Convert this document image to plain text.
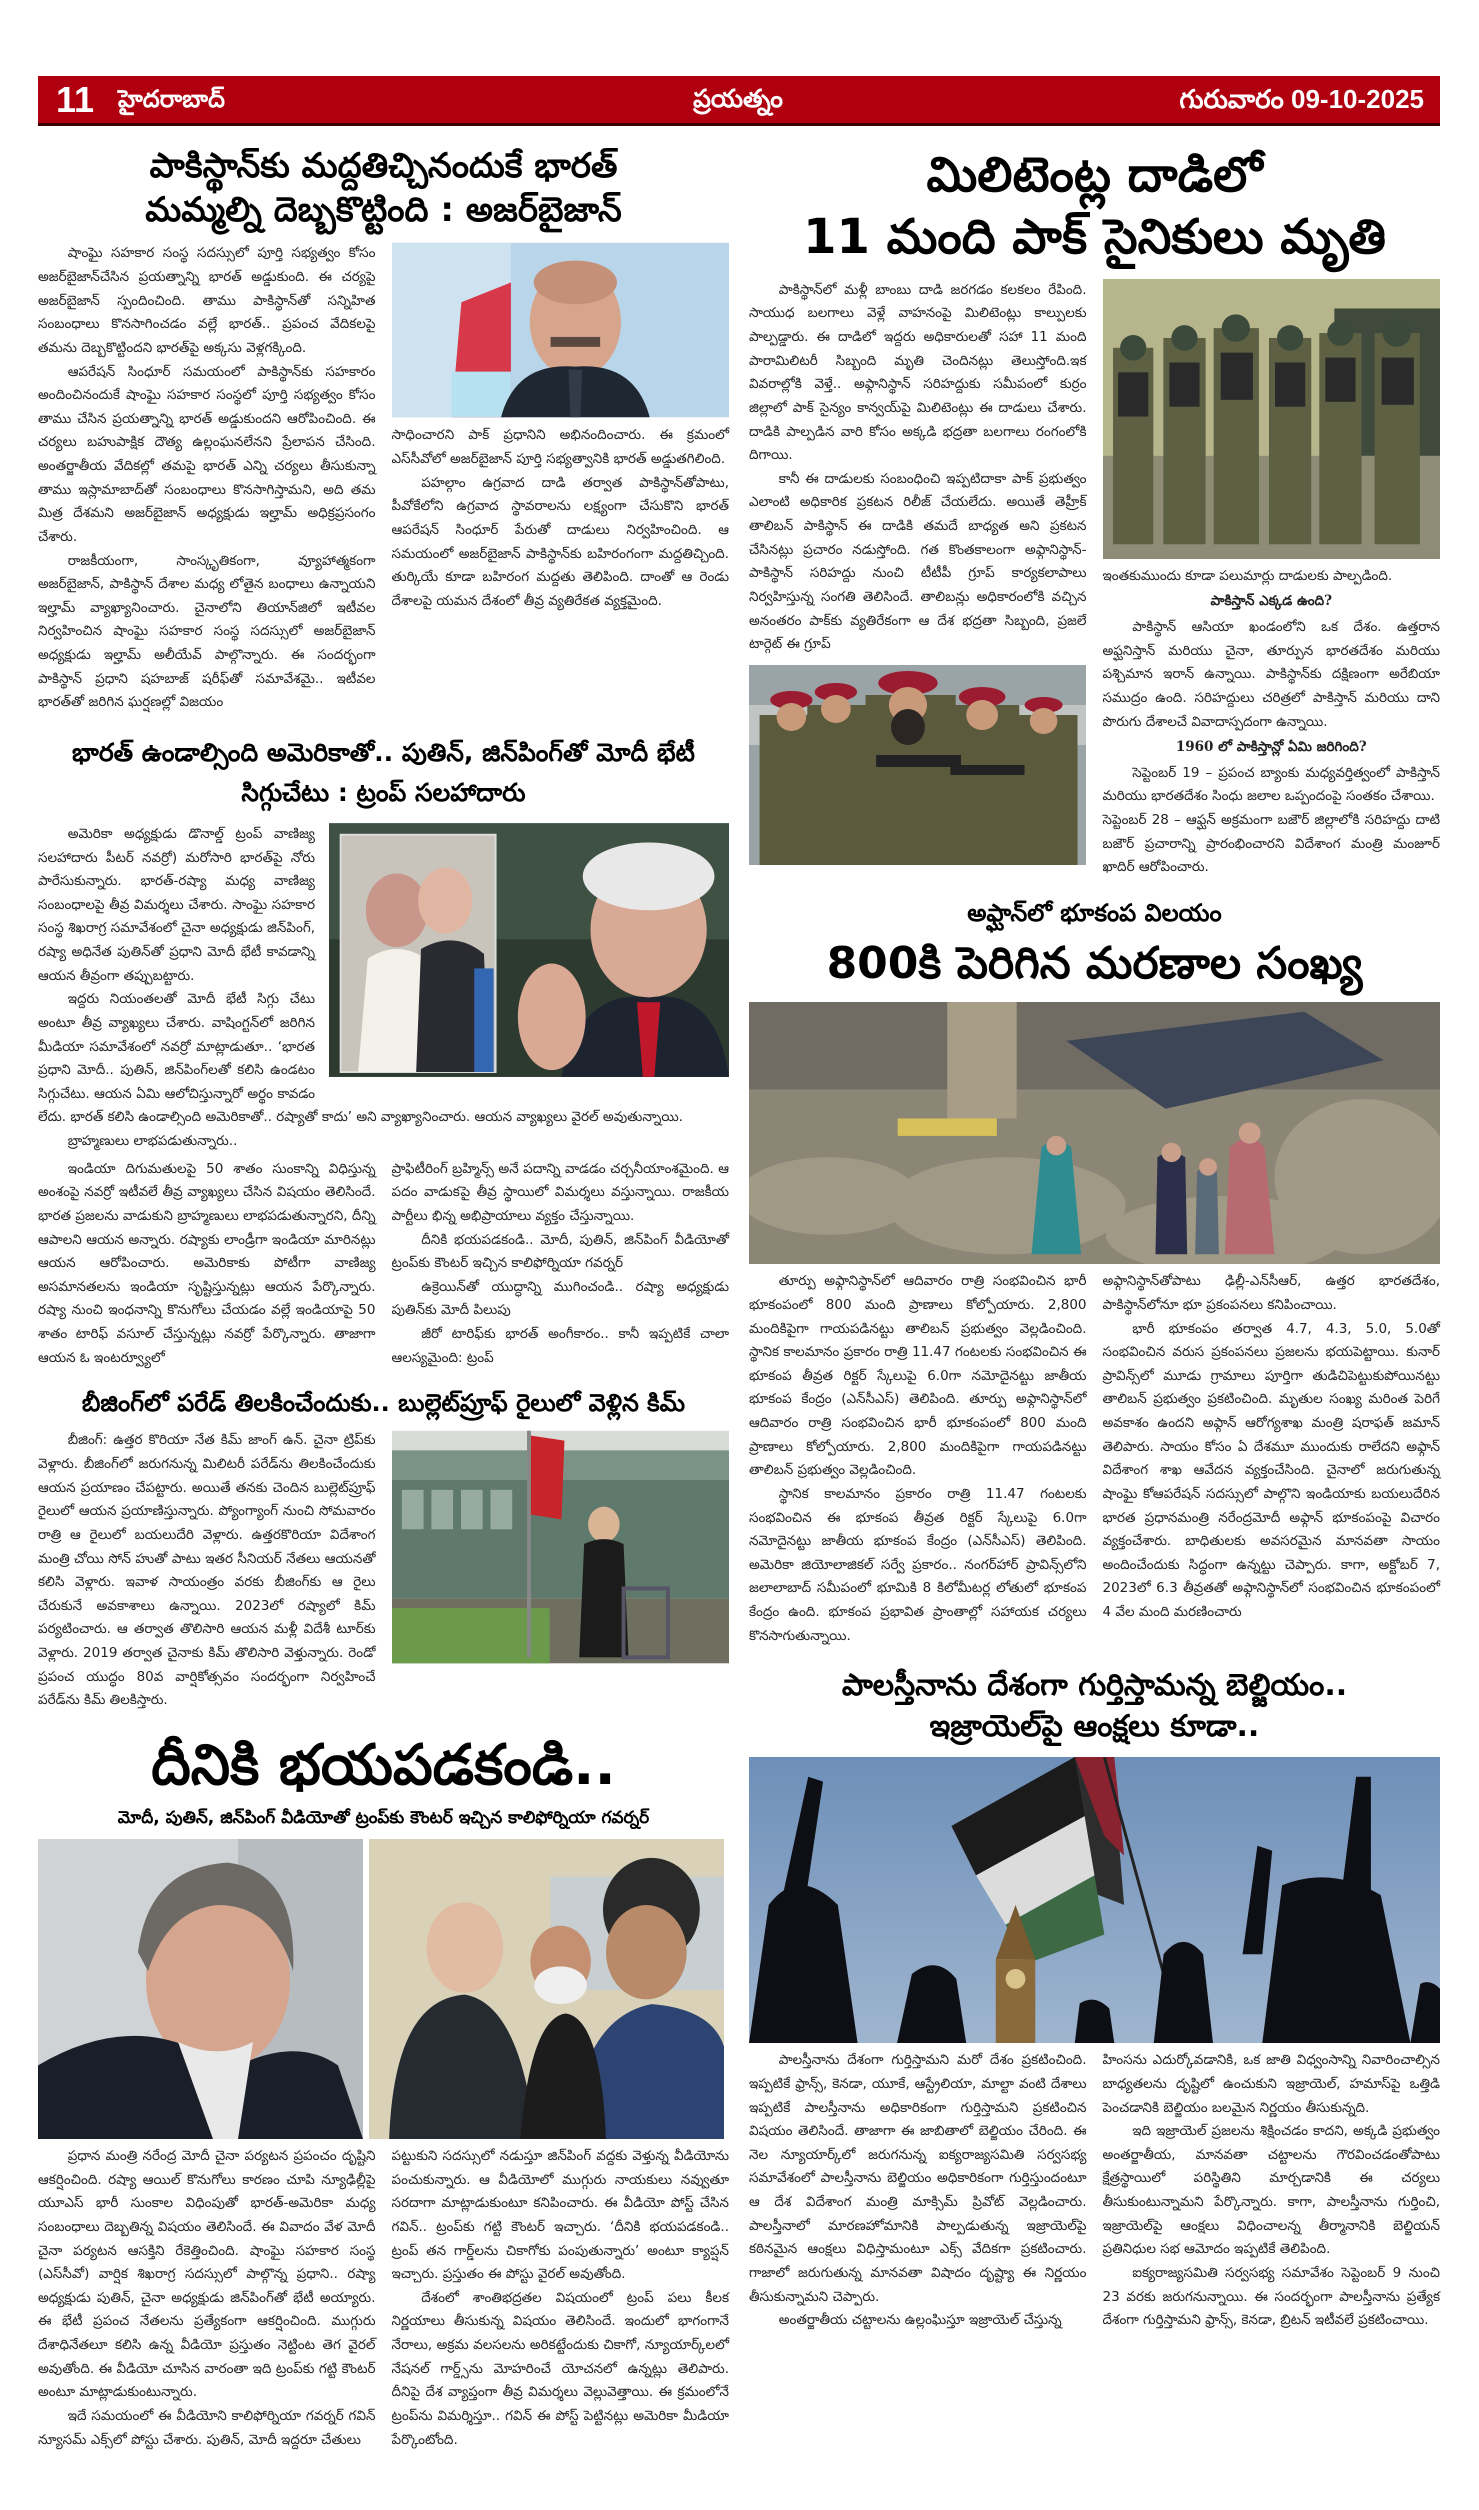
11 హైదరాబాద్	ప్రయత్నం	గురువారం 09-10-2025
పాకిస్థాన్‌కు మద్దతిచ్చినందుకే భారత్
మమ్మల్ని దెబ్బకొట్టింది : అజర్‌బైజాన్

షాంఘై సహకార సంస్థ సదస్సులో పూర్తి సభ్యత్వం కోసం అజర్‌బైజాన్‌చేసిన ప్రయత్నాన్ని భారత్ అడ్డుకుంది. ఈ చర్యపై అజర్‌బైజాన్ స్పందించింది. తాము పాకిస్థాన్‌తో సన్నిహిత సంబంధాలు కొనసాగించడం వల్లే భారత్.. ప్రపంచ వేదికలపై తమను దెబ్బకొట్టిందని భారత్‌పై అక్కసు వెళ్లగక్కింది.

ఆపరేషన్ సింధూర్ సమయంలో పాకిస్థాన్‌కు సహకారం అందించినందుకే షాంఘై సహకార సంస్థలో పూర్తి సభ్యత్వం కోసం తాము చేసిన ప్రయత్నాన్ని భారత్ అడ్డుకుందని ఆరోపించింది. ఈ చర్యలు బహుపాక్షిక దౌత్య ఉల్లంఘనలేనని ప్రేలాపన చేసింది. అంతర్జాతీయ వేదికల్లో తమపై భారత్ ఎన్ని చర్యలు తీసుకున్నా తాము ఇస్లామాబాద్‌తో సంబంధాలు కొనసాగిస్తామని, అది తమ మిత్ర దేశమని అజర్‌బైజాన్ అధ్యక్షుడు ఇల్హామ్ అధిక్రప్రసంగం చేశారు.

రాజకీయంగా, సాంస్కృతికంగా, వ్యూహాత్మకంగా అజర్‌బైజాన్, పాకిస్థాన్ దేశాల మధ్య లోతైన బంధాలు ఉన్నాయని ఇల్హామ్ వ్యాఖ్యానించారు. చైనాలోని తియాన్‌జిలో ఇటీవల నిర్వహించిన షాంఘై సహకార సంస్థ సదస్సులో అజర్‌బైజాన్ అధ్యక్షుడు ఇల్హామ్ అలీయేవ్ పాల్గొన్నారు. ఈ సందర్భంగా పాకిస్థాన్ ప్రధాని షహబాజ్ షరీఫ్‌తో సమావేశమై.. ఇటీవల భారత్‌తో జరిగిన ఘర్షణల్లో విజయం

సాధించారని పాక్ ప్రధానిని అభినందించారు. ఈ క్రమంలో ఎస్‌సీవోలో అజర్‌బైజాన్ పూర్తి సభ్యత్వానికి భారత్ అడ్డుతగిలింది.

పహల్గాం ఉగ్రవాద దాడి తర్వాత పాకిస్థాన్‌తోపాటు, పీవోకేలోని ఉగ్రవాద స్థావరాలను లక్ష్యంగా చేసుకొని భారత్ ఆపరేషన్ సింధూర్ పేరుతో దాడులు నిర్వహించింది. ఆ సమయంలో అజర్‌బైజాన్ పాకిస్థాన్‌కు బహిరంగంగా మద్దతిచ్చింది. తుర్కియే కూడా బహిరంగ మద్దతు తెలిపింది. దాంతో ఆ రెండు దేశాలపై యమన దేశంలో తీవ్ర వ్యతిరేకత వ్యక్తమైంది.

భారత్ ఉండాల్సింది అమెరికాతో.. పుతిన్, జిన్‌పింగ్‌తో మోదీ భేటీ
సిగ్గుచేటు : ట్రంప్ సలహాదారు

అమెరికా అధ్యక్షుడు డొనాల్డ్ ట్రంప్ వాణిజ్య సలహాదారు పీటర్ నవర్రో) మరోసారి భారత్‌పై నోరు పారేసుకున్నారు. భారత్-రష్యా మధ్య వాణిజ్య సంబంధాలపై తీవ్ర విమర్శలు చేశారు. సాంఘై సహకార సంస్థ శిఖరాగ్ర సమావేశంలో చైనా అధ్యక్షుడు జిన్‌పింగ్, రష్యా అధినేత పుతిన్‌తో ప్రధాని మోదీ భేటీ కావడాన్ని ఆయన తీవ్రంగా తప్పుబట్టారు.

ఇద్దరు నియంతలతో మోదీ భేటీ సిగ్గు చేటు అంటూ తీవ్ర వ్యాఖ్యలు చేశారు. వాషింగ్టన్‌లో జరిగిన మీడియా సమావేశంలో నవర్రో మాట్లాడుతూ.. ‘భారత ప్రధాని మోదీ.. పుతిన్, జిన్‌పింగ్‌లతో కలిసి ఉండటం సిగ్గుచేటు. ఆయన ఏమి ఆలోచిస్తున్నారో అర్థం కావడం లేదు. భారత్ కలిసి ఉండాల్సింది అమెరికాతో.. రష్యాతో కాదు’ అని వ్యాఖ్యానించారు. ఆయన వ్యాఖ్యలు వైరల్ అవుతున్నాయి.

బ్రాహ్మణులు లాభపడుతున్నారు..

ఇండియా దిగుమతులపై 50 శాతం సుంకాన్ని విధిస్తున్న అంశంపై నవర్రో ఇటీవలే తీవ్ర వ్యాఖ్యలు చేసిన విషయం తెలిసిందే. భారత ప్రజలను వాడుకుని బ్రాహ్మణులు లాభపడుతున్నారని, దీన్ని ఆపాలని ఆయన అన్నారు. రష్యాకు లాండ్రీగా ఇండియా మారినట్లు ఆయన ఆరోపించారు. అమెరికాకు పోటీగా వాణిజ్య అసమానతలను ఇండియా సృష్టిస్తున్నట్లు ఆయన పేర్కొన్నారు. రష్యా నుంచి ఇంధనాన్ని కొనుగోలు చేయడం వల్లే ఇండియాపై 50 శాతం టారిఫ్ వసూల్ చేస్తున్నట్లు నవర్రో పేర్కొన్నారు. తాజాగా ఆయన ఓ ఇంటర్వ్యూలో

ప్రాఫిటీరింగ్ బ్రహ్మిన్స్ అనే పదాన్ని వాడడం చర్చనీయాంశమైంది. ఆ పదం వాడుకపై తీవ్ర స్థాయిలో విమర్శలు వస్తున్నాయి. రాజకీయ పార్టీలు భిన్న అభిప్రాయాలు వ్యక్తం చేస్తున్నాయి.

దీనికి భయపడకండి.. మోదీ, పుతిన్, జిన్‌పింగ్ వీడియోతో ట్రంప్‌కు కౌంటర్ ఇచ్చిన కాలిఫోర్నియా గవర్నర్

ఉక్రెయిన్‌తో యుద్ధాన్ని ముగించండి.. రష్యా అధ్యక్షుడు పుతిన్‌కు మోదీ పిలుపు

జీరో టారిఫ్‌కు భారత్ అంగీకారం.. కానీ ఇప్పటికే చాలా ఆలస్యమైంది: ట్రంప్

బీజింగ్‌లో పరేడ్ తిలకించేందుకు.. బుల్లెట్‌ప్రూఫ్ రైలులో వెళ్లిన కిమ్

బీజింగ్: ఉత్తర కొరియా నేత కిమ్ జాంగ్ ఉన్. చైనా ట్రిప్‌కు వెళ్లారు. బీజింగ్‌లో జరుగనున్న మిలిటరీ పరేడ్‌ను తిలకించేందుకు ఆయన ప్రయాణం చేపట్టారు. అయితే తనకు చెందిన బుల్లెట్‌ప్రూఫ్ రైలులో ఆయన ప్రయాణిస్తున్నారు. ప్యోంగ్యాంగ్ నుంచి సోమవారం రాత్రి ఆ రైలులో బయలుదేరి వెళ్లారు. ఉత్తరకొరియా విదేశాంగ మంత్రి చోయి సోన్ హుతో పాటు ఇతర సీనియర్ నేతలు ఆయనతో కలిసి వెళ్లారు. ఇవాళ సాయంత్రం వరకు బీజింగ్‌కు ఆ రైలు చేరుకునే అవకాశాలు ఉన్నాయి. 2023లో రష్యాలో కిమ్ పర్యటించారు. ఆ తర్వాత తొలిసారి ఆయన మళ్లీ విదేశీ టూర్‌కు వెళ్లారు. 2019 తర్వాత చైనాకు కిమ్ తొలిసారి వెళ్తున్నారు. రెండో ప్రపంచ యుద్ధం 80వ వార్షికోత్సవం సందర్భంగా నిర్వహించే పరేడ్‌ను కిమ్ తిలకిస్తారు.

దీనికి భయపడకండి..
మోదీ, పుతిన్, జిన్‌పింగ్ వీడియోతో ట్రంప్‌కు కౌంటర్ ఇచ్చిన కాలిఫోర్నియా గవర్నర్

ప్రధాన మంత్రి నరేంద్ర మోదీ చైనా పర్యటన ప్రపంచం దృష్టిని ఆకర్షించింది. రష్యా ఆయిల్ కొనుగోలు కారణం చూపి న్యూఢిల్లీపై యూఎస్ భారీ సుంకాల విధింపుతో భారత్-అమెరికా మధ్య సంబంధాలు దెబ్బతిన్న విషయం తెలిసిందే. ఈ వివాదం వేళ మోదీ చైనా పర్యటన ఆసక్తిని రేకెత్తించింది. షాంఘై సహకార సంస్థ (ఎస్‌సీవో) వార్షిక శిఖరాగ్ర సదస్సులో పాల్గొన్న ప్రధాని.. రష్యా అధ్యక్షుడు పుతిన్, చైనా అధ్యక్షుడు జిన్‌పింగ్‌తో భేటీ అయ్యారు. ఈ భేటీ ప్రపంచ నేతలను ప్రత్యేకంగా ఆకర్షించింది. ముగ్గురు దేశాధినేతలూ కలిసి ఉన్న వీడియో ప్రస్తుతం నెట్టింట తెగ వైరల్ అవుతోంది. ఈ వీడియో చూసిన వారంతా ఇది ట్రంప్‌కు గట్టి కౌంటర్ అంటూ మాట్లాడుకుంటున్నారు.

ఇదే సమయంలో ఈ వీడియోని కాలిఫోర్నియా గవర్నర్ గవిన్ న్యూసమ్ ఎక్స్‌లో పోస్టు చేశారు. పుతిన్, మోదీ ఇద్దరూ చేతులు

పట్టుకుని సదస్సులో నడుస్తూ జిన్‌పింగ్ వద్దకు వెళ్తున్న వీడియోను పంచుకున్నారు. ఆ వీడియోలో ముగ్గురు నాయకులు నవ్వుతూ సరదాగా మాట్లాడుకుంటూ కనిపించారు. ఈ వీడియో పోస్ట్ చేసిన గవిన్.. ట్రంప్‌కు గట్టి కౌంటర్ ఇచ్చారు. ‘దీనికి భయపడకండి.. ట్రంప్ తన గార్డ్‌లను చికాగోకు పంపుతున్నారు’ అంటూ క్యాప్షన్ ఇచ్చారు. ప్రస్తుతం ఈ పోస్టు వైరల్ అవుతోంది.

దేశంలో శాంతిభద్రతల విషయంలో ట్రంప్ పలు కీలక నిర్ణయాలు తీసుకున్న విషయం తెలిసిందే. ఇందులో భాగంగానే నేరాలు, అక్రమ వలసలను అరికట్టేందుకు చికాగో, న్యూయార్క్‌లలో నేషనల్ గార్డ్స్‌ను మోహరించే యోచనలో ఉన్నట్లు తెలిపారు. దీనిపై దేశ వ్యాప్తంగా తీవ్ర విమర్శలు వెల్లువెత్తాయి. ఈ క్రమంలోనే ట్రంప్‌ను విమర్శిస్తూ.. గవిన్ ఈ పోస్ట్ పెట్టినట్లు అమెరికా మీడియా పేర్కొంటోంది.

మిలిటెంట్ల దాడిలో
11 మంది పాక్ సైనికులు మృతి

పాకిస్థాన్‌లో మళ్లీ బాంబు దాడి జరగడం కలకలం రేపింది. సాయుధ బలగాలు వెళ్లే వాహనంపై మిలిటెంట్లు కాల్పులకు పాల్పడ్డారు. ఈ దాడిలో ఇద్దరు అధికారులతో సహా 11 మంది పారామిలిటరీ సిబ్బంది మృతి చెందినట్లు తెలుస్తోంది.ఇక వివరాల్లోకి వెళ్తే.. అఫ్గానిస్థాన్ సరిహద్దుకు సమీపంలో కుర్రం జిల్లాలో పాక్ సైన్యం కాన్వయ్‌పై మిలిటెంట్లు ఈ దాడులు చేశారు. దాడికి పాల్పడిన వారి కోసం అక్కడి భద్రతా బలగాలు రంగంలోకి దిగాయి.

కానీ ఈ దాడులకు సంబంధించి ఇప్పటిదాకా పాక్ ప్రభుత్వం ఎలాంటి అధికారిక ప్రకటన రిలీజ్ చేయలేదు. అయితే తెహ్రీక్ తాలిబన్ పాకిస్థాన్ ఈ దాడికి తమదే బాధ్యత అని ప్రకటన చేసినట్లు ప్రచారం నడుస్తోంది. గత కొంతకాలంగా అఫ్గానిస్థాన్-పాకిస్థాన్ సరిహద్దు నుంచి టీటీపీ గ్రూప్ కార్యకలాపాలు నిర్వహిస్తున్న సంగతి తెలిసిందే. తాలిబన్లు అధికారంలోకి వచ్చిన అనంతరం పాక్‌కు వ్యతిరేకంగా ఆ దేశ భద్రతా సిబ్బంది, ప్రజలే టార్గెట్ ఈ గ్రూప్

ఇంతకుముందు కూడా పలుమార్లు దాడులకు పాల్పడింది.

పాకిస్తాన్ ఎక్కడ ఉంది?

పాకిస్థాన్ ఆసియా ఖండంలోని ఒక దేశం. ఉత్తరాన అఫ్ఘనిస్తాన్ మరియు చైనా, తూర్పున భారతదేశం మరియు పశ్చిమాన ఇరాన్ ఉన్నాయి. పాకిస్థాన్‌కు దక్షిణంగా అరేబియా సముద్రం ఉంది. సరిహద్దులు చరిత్రలో పాకిస్తాన్ మరియు దాని పొరుగు దేశాలచే వివాదాస్పదంగా ఉన్నాయి.

1960 లో పాకిస్తాన్లో ఏమి జరిగింది?

సెప్టెంబర్ 19 – ప్రపంచ బ్యాంకు మధ్యవర్తిత్వంలో పాకిస్తాన్ మరియు భారతదేశం సింధు జలాల ఒప్పందంపై సంతకం చేశాయి.

సెప్టెంబర్ 28 – ఆఫ్ఘన్ అక్రమంగా బజౌర్ జిల్లాలోకి సరిహద్దు దాటి బజౌర్ ప్రచారాన్ని ప్రారంభించారని విదేశాంగ మంత్రి మంజూర్ ఖాదిర్ ఆరోపించారు.

అఫ్ఘాన్‌లో భూకంప విలయం
800కి పెరిగిన మరణాల సంఖ్య

తూర్పు అఫ్గానిస్థాన్‌లో ఆదివారం రాత్రి సంభవించిన భారీ భూకంపంలో 800 మంది ప్రాణాలు కోల్పోయారు. 2,800 మందికిపైగా గాయపడినట్టు తాలిబన్ ప్రభుత్వం వెల్లడించింది. స్థానిక కాలమానం ప్రకారం రాత్రి 11.47 గంటలకు సంభవించిన ఈ భూకంప తీవ్రత రిక్టర్ స్కేలుపై 6.0గా నమోదైనట్టు జాతీయ భూకంప కేంద్రం (ఎన్‌సీఎస్) తెలిపింది. తూర్పు అఫ్గానిస్థాన్‌లో ఆదివారం రాత్రి సంభవించిన భారీ భూకంపంలో 800 మంది ప్రాణాలు కోల్పోయారు. 2,800 మందికిపైగా గాయపడినట్టు తాలిబన్ ప్రభుత్వం వెల్లడించింది.

స్థానిక కాలమానం ప్రకారం రాత్రి 11.47 గంటలకు సంభవించిన ఈ భూకంప తీవ్రత రిక్టర్ స్కేలుపై 6.0గా నమోదైనట్టు జాతీయ భూకంప కేంద్రం (ఎన్‌సీఎస్) తెలిపింది. అమెరికా జియోలాజికల్ సర్వే ప్రకారం.. నంగర్‌హార్ ప్రావిన్స్‌లోని జలాలాబాద్ సమీపంలో భూమికి 8 కిలోమీటర్ల లోతులో భూకంప కేంద్రం ఉంది. భూకంప ప్రభావిత ప్రాంతాల్లో సహాయక చర్యలు కొనసాగుతున్నాయి.

అఫ్గానిస్థాన్‌తోపాటు ఢిల్లీ-ఎన్‌సీఆర్, ఉత్తర భారతదేశం, పాకిస్థాన్‌లోనూ భూ ప్రకంపనలు కనిపించాయి.

భారీ భూకంపం తర్వాత 4.7, 4.3, 5.0, 5.0తో సంభవించిన వరుస ప్రకంపనలు ప్రజలను భయపెట్టాయి. కునార్ ప్రావిన్స్‌లో మూడు గ్రామాలు పూర్తిగా తుడిచిపెట్టుకుపోయినట్టు తాలిబన్ ప్రభుత్వం ప్రకటించింది. మృతుల సంఖ్య మరింత పెరిగే అవకాశం ఉందని అఫ్గాన్ ఆరోగ్యశాఖ మంత్రి షరాఫత్ జమాన్ తెలిపారు. సాయం కోసం ఏ దేశమూ ముందుకు రాలేదని అఫ్గాన్ విదేశాంగ శాఖ ఆవేదన వ్యక్తంచేసింది. చైనాలో జరుగుతున్న షాంఘై కోఆపరేషన్ సదస్సులో పాల్గొని ఇండియాకు బయలుదేరిన భారత ప్రధానమంత్రి నరేంద్రమోదీ అఫ్గాన్ భూకంపంపై విచారం వ్యక్తంచేశారు. బాధితులకు అవసరమైన మానవతా సాయం అందించేందుకు సిద్ధంగా ఉన్నట్టు చెప్పారు. కాగా, అక్టోబర్ 7, 2023లో 6.3 తీవ్రతతో అఫ్గానిస్థాన్‌లో సంభవించిన భూకంపంలో 4 వేల మంది మరణించారు

పాలస్తీనాను దేశంగా గుర్తిస్తామన్న బెల్జియం..
ఇజ్రాయెల్‌పై ఆంక్షలు కూడా..

పాలస్తీనాను దేశంగా గుర్తిస్తామని మరో దేశం ప్రకటించింది. ఇప్పటికే ఫ్రాన్స్, కెనడా, యూకే, ఆస్ట్రేలియా, మాల్టా వంటి దేశాలు ఇప్పటికే పాలస్తీనాను అధికారికంగా గుర్తిస్తామని ప్రకటించిన విషయం తెలిసిందే. తాజాగా ఈ జాబితాలో బెల్జియం చేరింది. ఈ నెల న్యూయార్క్‌లో జరుగనున్న ఐక్యరాజ్యసమితి సర్వసభ్య సమావేశంలో పాలస్తీనాను బెల్జియం అధికారికంగా గుర్తిస్తుందంటూ ఆ దేశ విదేశాంగ మంత్రి మాక్సిమ్ ప్రివోట్ వెల్లడించారు. పాలస్తీనాలో మారణహోమానికి పాల్పడుతున్న ఇజ్రాయెల్‌పై కఠినమైన ఆంక్షలు విధిస్తామంటూ ఎక్స్ వేదికగా ప్రకటించారు. గాజాలో జరుగుతున్న మానవతా విషాదం దృష్ట్యా ఈ నిర్ణయం తీసుకున్నామని చెప్పారు.

అంతర్జాతీయ చట్టాలను ఉల్లంఘిస్తూ ఇజ్రాయెల్ చేస్తున్న

హింసను ఎదుర్కోవడానికి, ఒక జాతి విధ్వంసాన్ని నివారించాల్సిన బాధ్యతలను దృష్టిలో ఉంచుకుని ఇజ్రాయెల్, హమాస్‌పై ఒత్తిడి పెంచడానికి బెల్జియం బలమైన నిర్ణయం తీసుకున్నది.

ఇది ఇజ్రాయెల్ ప్రజలను శిక్షించడం కాదని, అక్కడి ప్రభుత్వం అంతర్జాతీయ, మానవతా చట్టాలను గౌరవించడంతోపాటు క్షేత్రస్థాయిలో పరిస్థితిని మార్చడానికి ఈ చర్యలు తీసుకుంటున్నామని పేర్కొన్నారు. కాగా, పాలస్తీనాను గుర్తించి, ఇజ్రాయెల్‌పై ఆంక్షలు విధించాలన్న తీర్మానానికి బెల్జియన్ ప్రతినిధుల సభ ఆమోదం ఇప్పటికే తెలిపింది.

ఐక్యరాజ్యసమితి సర్వసభ్య సమావేశం సెప్టెంబర్ 9 నుంచి 23 వరకు జరుగనున్నాయి. ఈ సందర్భంగా పాలస్తీనాను ప్రత్యేక దేశంగా గుర్తిస్తామని ఫ్రాన్స్, కెనడా, బ్రిటన్ ఇటీవలే ప్రకటించాయి.
